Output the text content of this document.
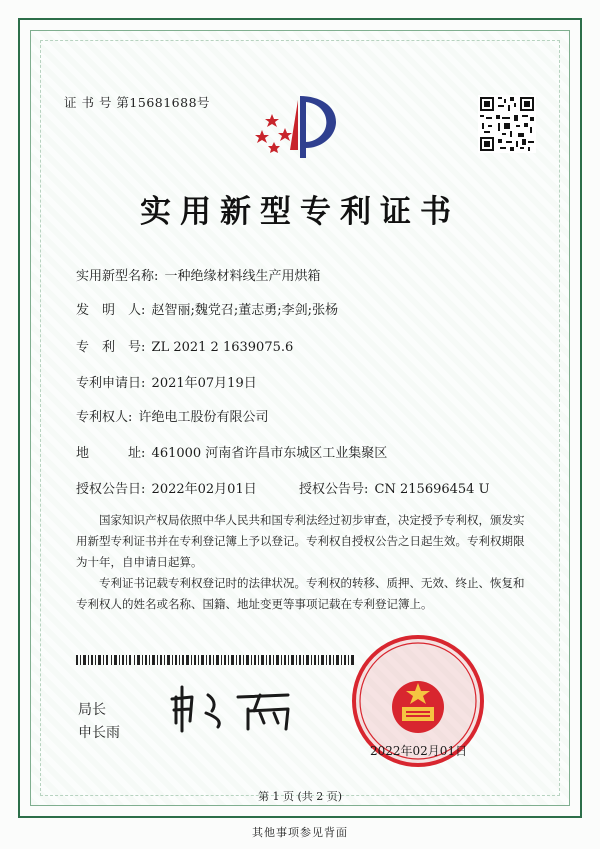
证 书 号 第15681688号
实用新型专利证书
实用新型名称: 一种绝缘材料线生产用烘箱
发　明　人: 赵智丽;魏党召;董志勇;李剑;张杨
专　利　号: ZL 2021 2 1639075.6
专利申请日: 2021年07月19日
专利权人: 许绝电工股份有限公司
地　　　址: 461000 河南省许昌市东城区工业集聚区
授权公告日: 2022年02月01日	授权公告号: CN 215696454 U
国家知识产权局依照中华人民共和国专利法经过初步审查，决定授予专利权，颁发实用新型专利证书并在专利登记簿上予以登记。专利权自授权公告之日起生效。专利权期限为十年，自申请日起算。
专利证书记载专利权登记时的法律状况。专利权的转移、质押、无效、终止、恢复和专利权人的姓名或名称、国籍、地址变更等事项记载在专利登记簿上。
局长
申长雨
2022年02月01日
第 1 页 (共 2 页)
其他事项参见背面
